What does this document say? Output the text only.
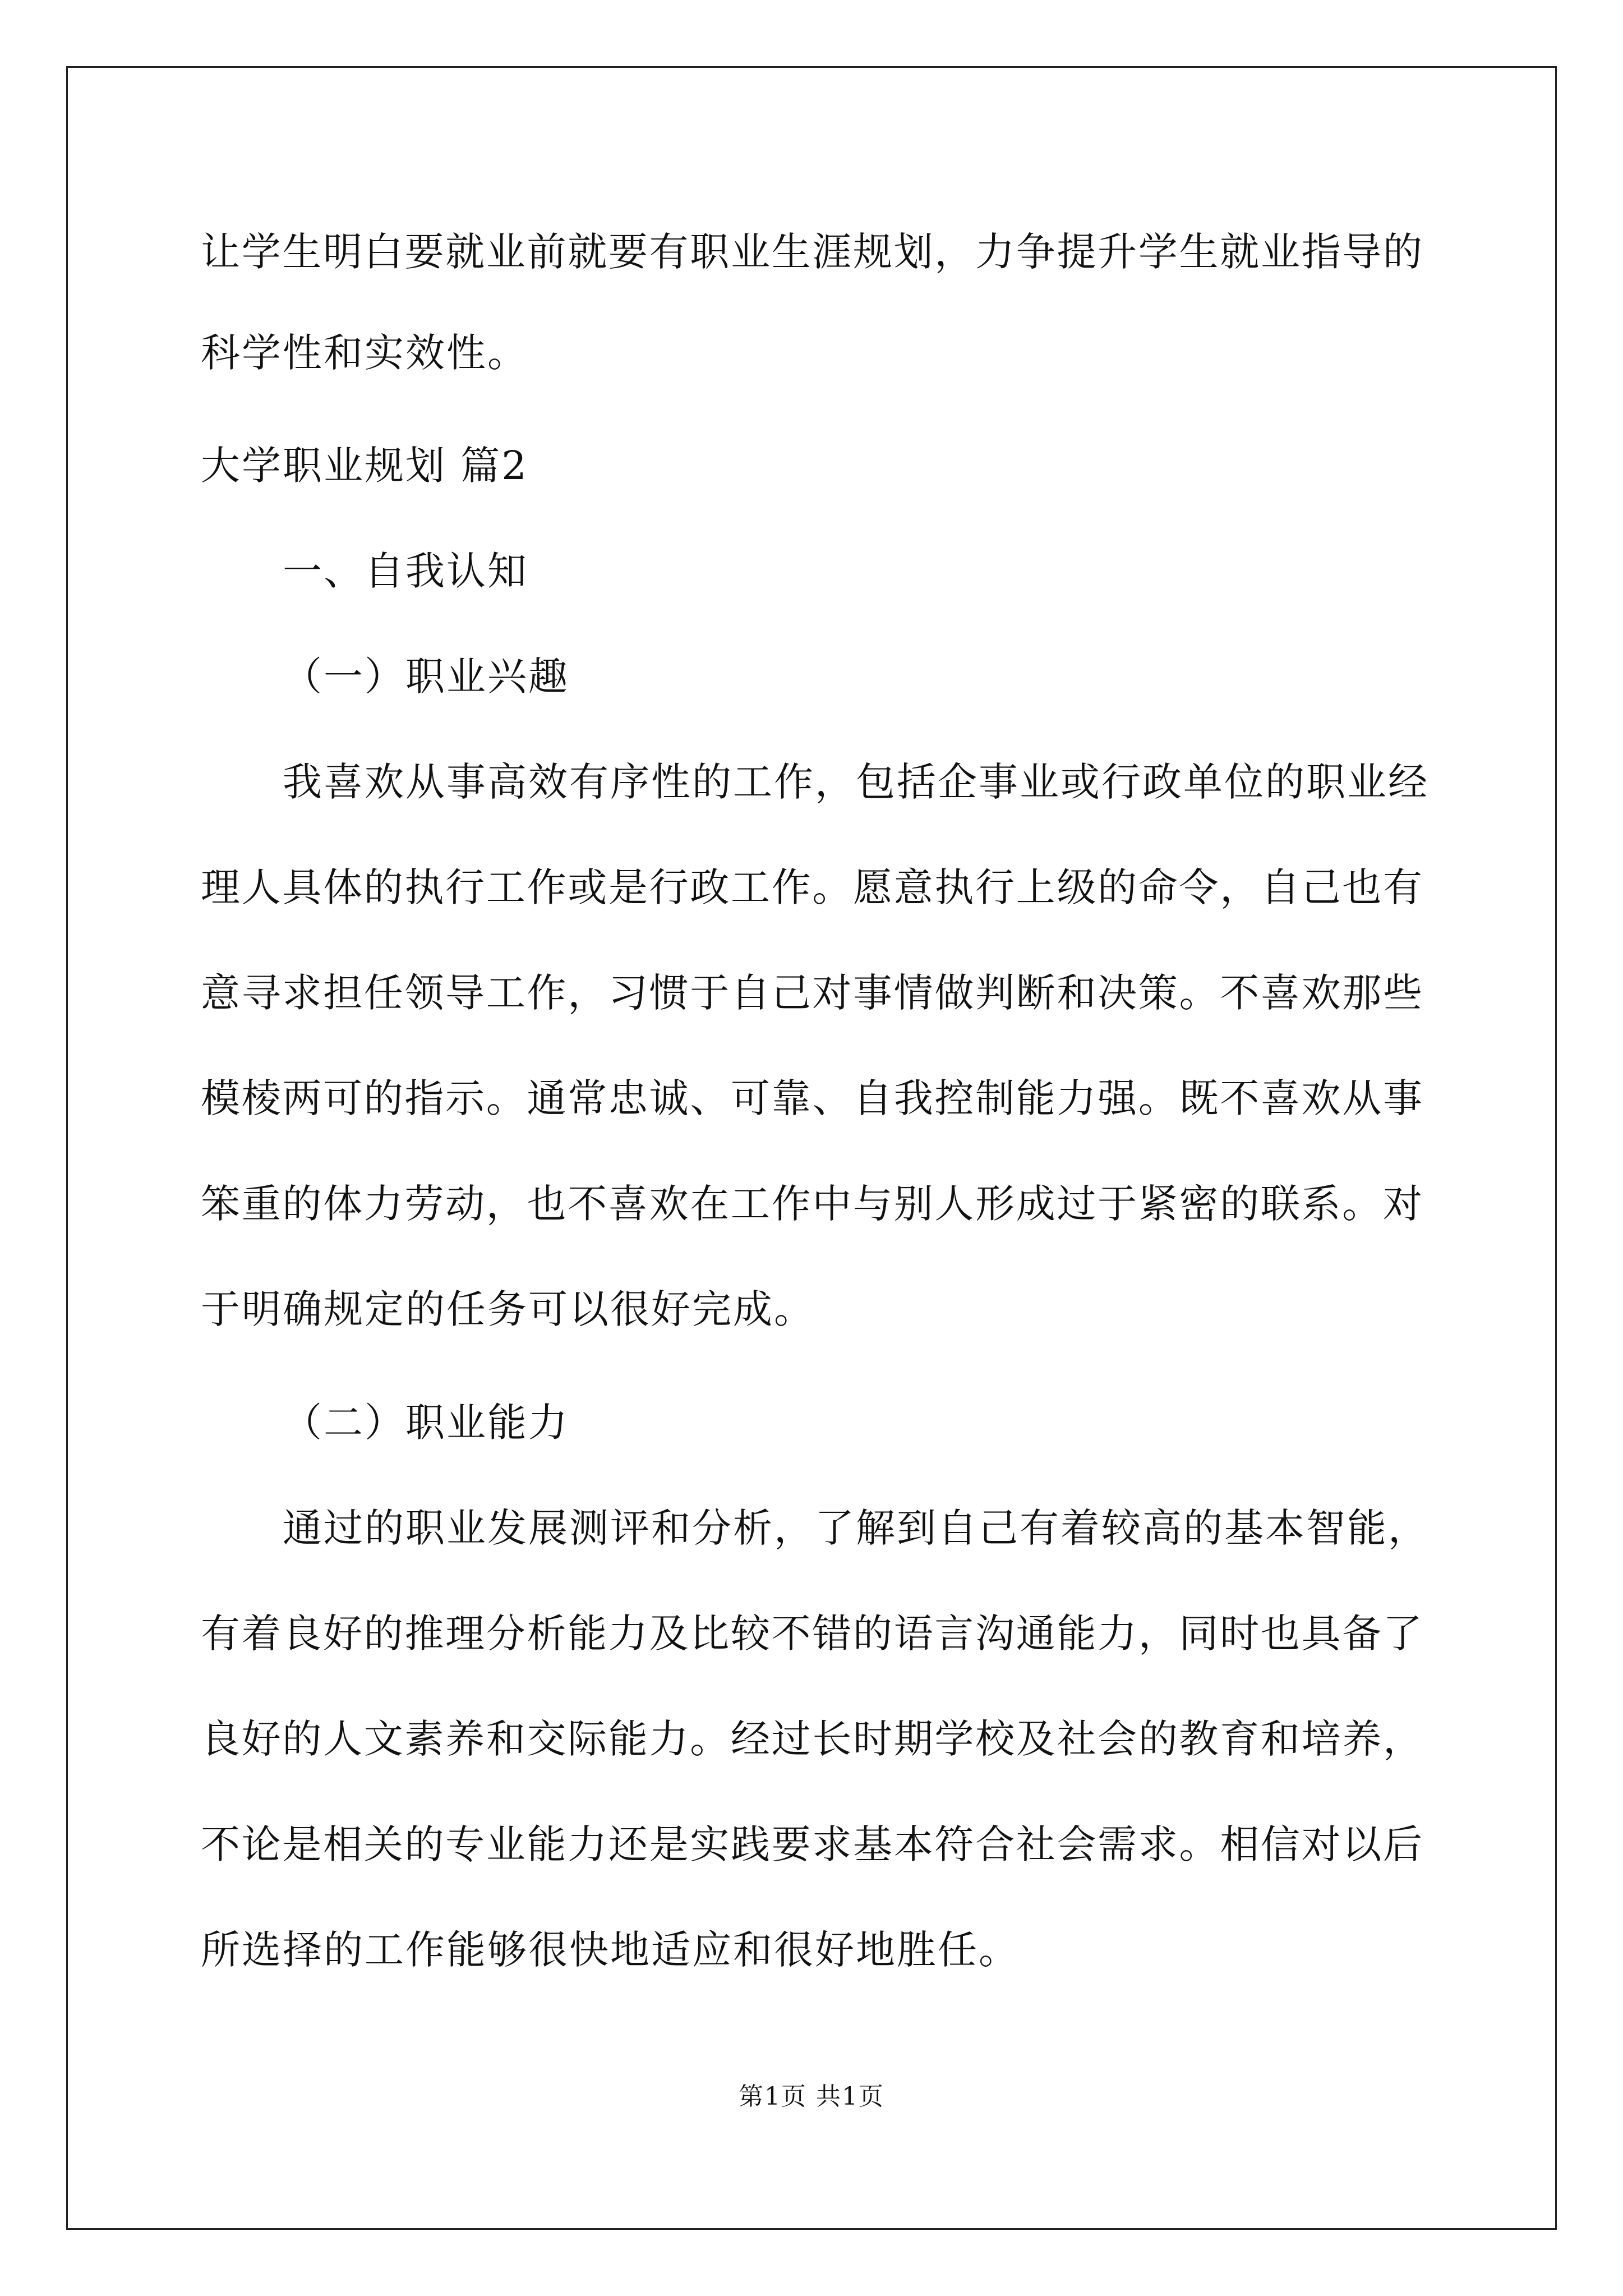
让学生明白要就业前就要有职业生涯规划，力争提升学生就业指导的
科学性和实效性。
大学职业规划 篇2
一、自我认知
（一）职业兴趣
我喜欢从事高效有序性的工作，包括企事业或行政单位的职业经
理人具体的执行工作或是行政工作。愿意执行上级的命令，自己也有
意寻求担任领导工作，习惯于自己对事情做判断和决策。不喜欢那些
模棱两可的指示。通常忠诚、可靠、自我控制能力强。既不喜欢从事
笨重的体力劳动，也不喜欢在工作中与别人形成过于紧密的联系。对
于明确规定的任务可以很好完成。
（二）职业能力
通过的职业发展测评和分析，了解到自己有着较高的基本智能，
有着良好的推理分析能力及比较不错的语言沟通能力，同时也具备了
良好的人文素养和交际能力。经过长时期学校及社会的教育和培养，
不论是相关的专业能力还是实践要求基本符合社会需求。相信对以后
所选择的工作能够很快地适应和很好地胜任。
第1页 共1页
